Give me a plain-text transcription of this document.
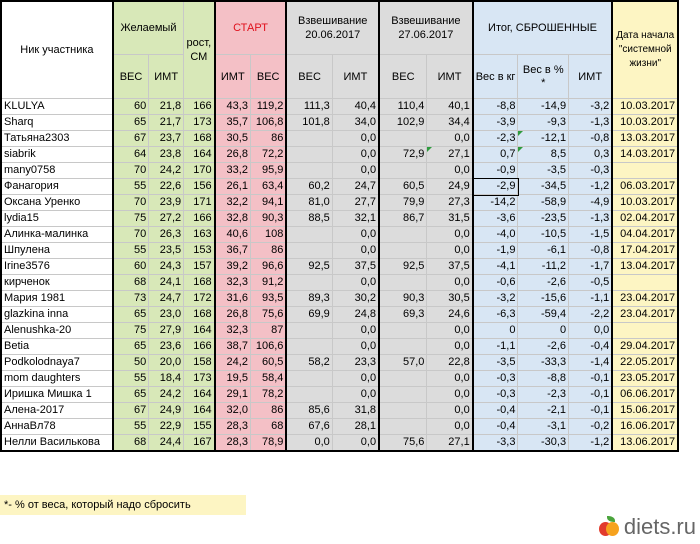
Ник участника	Желаемый		рост, СМ	СТАРТ		Взвешивание 20.06.2017		Взвешивание 27.06.2017		Итог, СБРОШЕННЫЕ			Дата начала "системной жизни"	
	ВЕС	ИМТ		ИМТ	ВЕС	ВЕС	ИМТ	ВЕС	ИМТ	Вес в кг	Вес в % *	ИМТ		
KLULYA	60	21,8	166	43,3	119,2	111,3	40,4	110,4	40,1	-8,8	-14,9	-3,2	10.03.2017	
Sharq	65	21,7	173	35,7	106,8	101,8	34,0	102,9	34,4	-3,9	-9,3	-1,3	10.03.2017	
Татьяна2303	67	23,7	168	30,5	86		0,0		0,0	-2,3	-12,1	-0,8	13.03.2017	
siabrik	64	23,8	164	26,8	72,2		0,0	72,9	27,1	0,7	8,5	0,3	14.03.2017	
many0758	70	24,2	170	33,2	95,9		0,0		0,0	-0,9	-3,5	-0,3		
Фанагория	55	22,6	156	26,1	63,4	60,2	24,7	60,5	24,9	-2,9	-34,5	-1,2	06.03.2017	
Оксана Уренко	70	23,9	171	32,2	94,1	81,0	27,7	79,9	27,3	-14,2	-58,9	-4,9	10.03.2017	
lydia15	75	27,2	166	32,8	90,3	88,5	32,1	86,7	31,5	-3,6	-23,5	-1,3	02.04.2017	
Алинка-малинка	70	26,3	163	40,6	108		0,0		0,0	-4,0	-10,5	-1,5	04.04.2017	
Шпулена	55	23,5	153	36,7	86		0,0		0,0	-1,9	-6,1	-0,8	17.04.2017	
Irine3576	60	24,3	157	39,2	96,6	92,5	37,5	92,5	37,5	-4,1	-11,2	-1,7	13.04.2017	
кирченок	68	24,1	168	32,3	91,2		0,0		0,0	-0,6	-2,6	-0,5		
Мария 1981	73	24,7	172	31,6	93,5	89,3	30,2	90,3	30,5	-3,2	-15,6	-1,1	23.04.2017	
glazkina inna	65	23,0	168	26,8	75,6	69,9	24,8	69,3	24,6	-6,3	-59,4	-2,2	23.04.2017	
Alenushka-20	75	27,9	164	32,3	87		0,0		0,0	0	0	0,0		
Betia	65	23,6	166	38,7	106,6		0,0		0,0	-1,1	-2,6	-0,4	29.04.2017	
Podkolodnaya7	50	20,0	158	24,2	60,5	58,2	23,3	57,0	22,8	-3,5	-33,3	-1,4	22.05.2017	
mom daughters	55	18,4	173	19,5	58,4		0,0		0,0	-0,3	-8,8	-0,1	23.05.2017	
Иришка Мишка 1	65	24,2	164	29,1	78,2		0,0		0,0	-0,3	-2,3	-0,1	06.06.2017	
Алена-2017	67	24,9	164	32,0	86	85,6	31,8		0,0	-0,4	-2,1	-0,1	15.06.2017	
АннаВл78	55	22,9	155	28,3	68	67,6	28,1		0,0	-0,4	-3,1	-0,2	16.06.2017	
Нелли Васильковa	68	24,4	167	28,3	78,9	0,0	0,0	75,6	27,1	-3,3	-30,3	-1,2	13.06.2017	

*- % от веса, который надо сбросить
diets.ru
